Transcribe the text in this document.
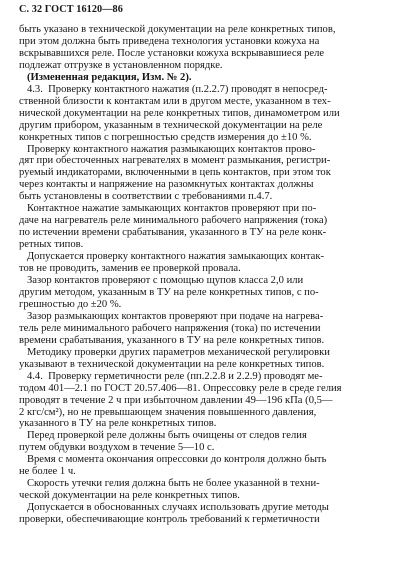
С. 32 ГОСТ 16120—86

быть указано в технической документации на реле конкретных типов,

при этом должна быть приведена технология установки кожуха на

вскрывавшихся реле. После установки кожуха вскрывавшиеся реле

подлежат отгрузке в установленном порядке.

(Измененная редакция, Изм. № 2).

4.3.  Проверку контактного нажатия (п.2.2.7) проводят в непосред-

ственной близости к контактам или в другом месте, указанном в тех-

нической документации на реле конкретных типов, динамометром или

другим прибором, указанным в технической документации на реле

конкретных типов с погрешностью средств измерения до ±10 %.

Проверку контактного нажатия размыкающих контактов прово-

дят при обесточенных нагревателях в момент размыкания, регистри-

руемый индикаторами, включенными в цепь контактов, при этом ток

через контакты и напряжение на разомкнутых контактах должны

быть установлены в соответствии с требованиями п.4.7.

Контактное нажатие замыкающих контактов проверяют при по-

даче на нагреватель реле минимального рабочего напряжения (тока)

по истечении времени срабатывания, указанного в ТУ на реле конк-

ретных типов.

Допускается проверку контактного нажатия замыкающих контак-

тов не проводить, заменив ее проверкой провала.

Зазор контактов проверяют с помощью щупов класса 2,0 или

другим методом, указанным в ТУ на реле конкретных типов, с по-

грешностью до ±20 %.

Зазор размыкающих контактов проверяют при подаче на нагрева-

тель реле минимального рабочего напряжения (тока) по истечении

времени срабатывания, указанного в ТУ на реле конкретных типов.

Методику проверки других параметров механической регулировки

указывают в технической документации на реле конкретных типов.

4.4.  Проверку герметичности реле (пп.2.2.8 и 2.2.9) проводят ме-

тодом 401—2.1 по ГОСТ 20.57.406—81. Опрессовку реле в среде гелия

проводят в течение 2 ч при избыточном давлении 49—196 кПа (0,5—

2 кгс/см²), но не превышающем значения повышенного давления,

указанного в ТУ на реле конкретных типов.

Перед проверкой реле должны быть очищены от следов гелия

путем обдувки воздухом в течение 5—10 с.

Время с момента окончания опрессовки до контроля должно быть

не более 1 ч.

Скорость утечки гелия должна быть не более указанной в техни-

ческой документации на реле конкретных типов.

Допускается в обоснованных случаях использовать другие методы

проверки, обеспечивающие контроль требований к герметичности
